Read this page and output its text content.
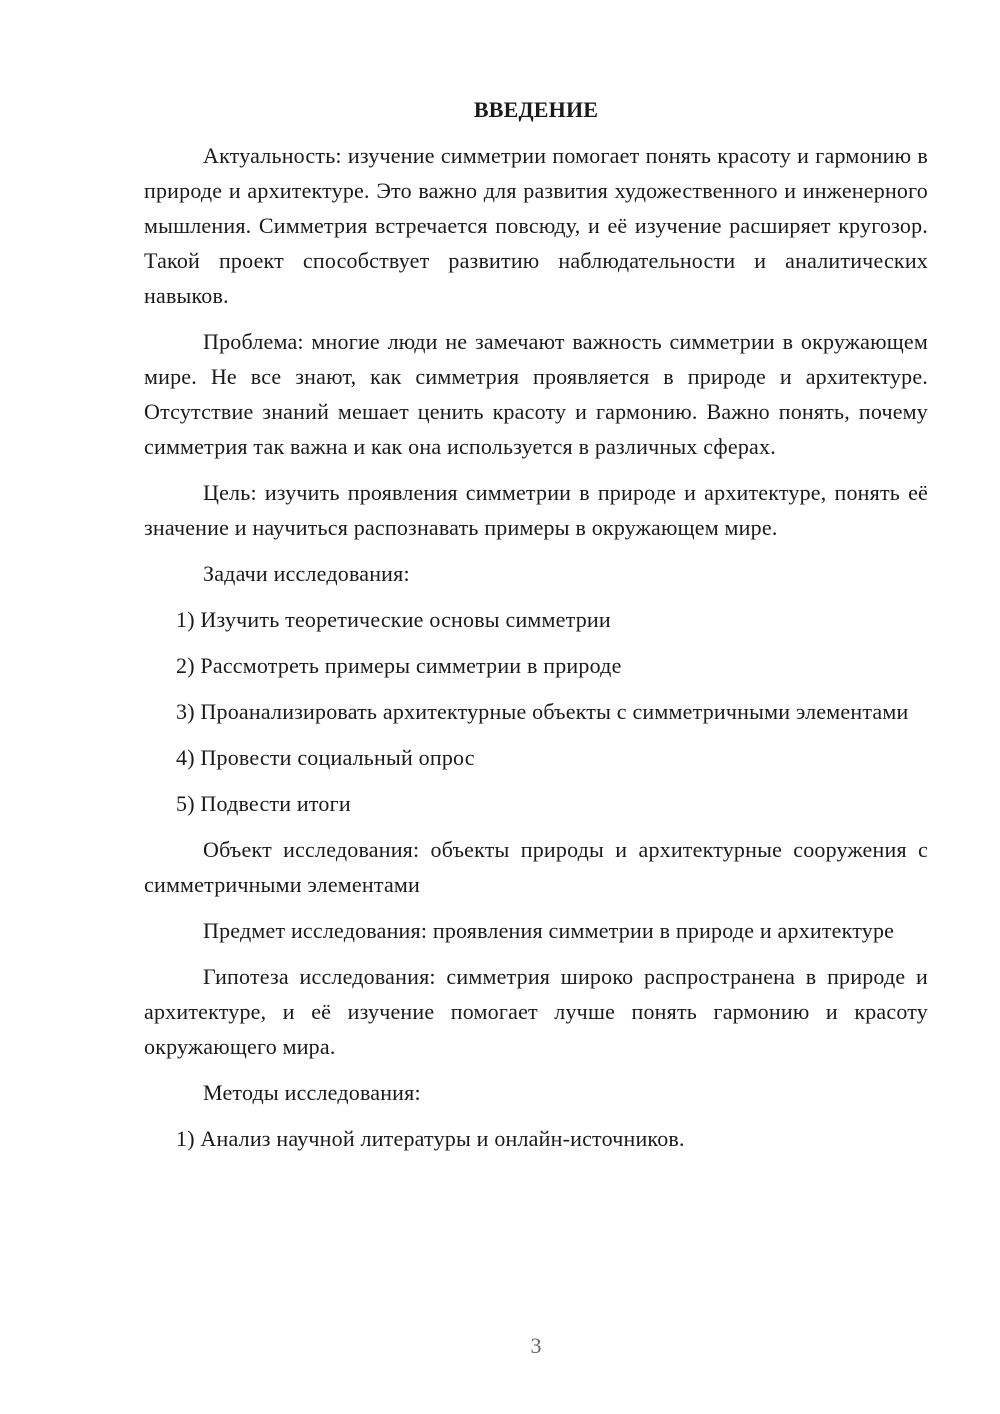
ВВЕДЕНИЕ

Актуальность: изучение симметрии помогает понять красоту и гармонию в природе и архитектуре. Это важно для развития художественного и инженерного мышления. Симметрия встречается повсюду, и её изучение расширяет кругозор. Такой проект способствует развитию наблюдательности и аналитических навыков.

Проблема: многие люди не замечают важность симметрии в окружающем мире. Не все знают, как симметрия проявляется в природе и архитектуре. Отсутствие знаний мешает ценить красоту и гармонию. Важно понять, почему симметрия так важна и как она используется в различных сферах.

Цель: изучить проявления симметрии в природе и архитектуре, понять её значение и научиться распознавать примеры в окружающем мире.

Задачи исследования:

1) Изучить теоретические основы симметрии

2) Рассмотреть примеры симметрии в природе

3) Проанализировать архитектурные объекты с симметричными элементами

4) Провести социальный опрос

5) Подвести итоги

Объект исследования: объекты природы и архитектурные сооружения с симметричными элементами

Предмет исследования: проявления симметрии в природе и архитектуре

Гипотеза исследования: симметрия широко распространена в природе и архитектуре, и её изучение помогает лучше понять гармонию и красоту окружающего мира.

Методы исследования:

1) Анализ научной литературы и онлайн-источников.

3
